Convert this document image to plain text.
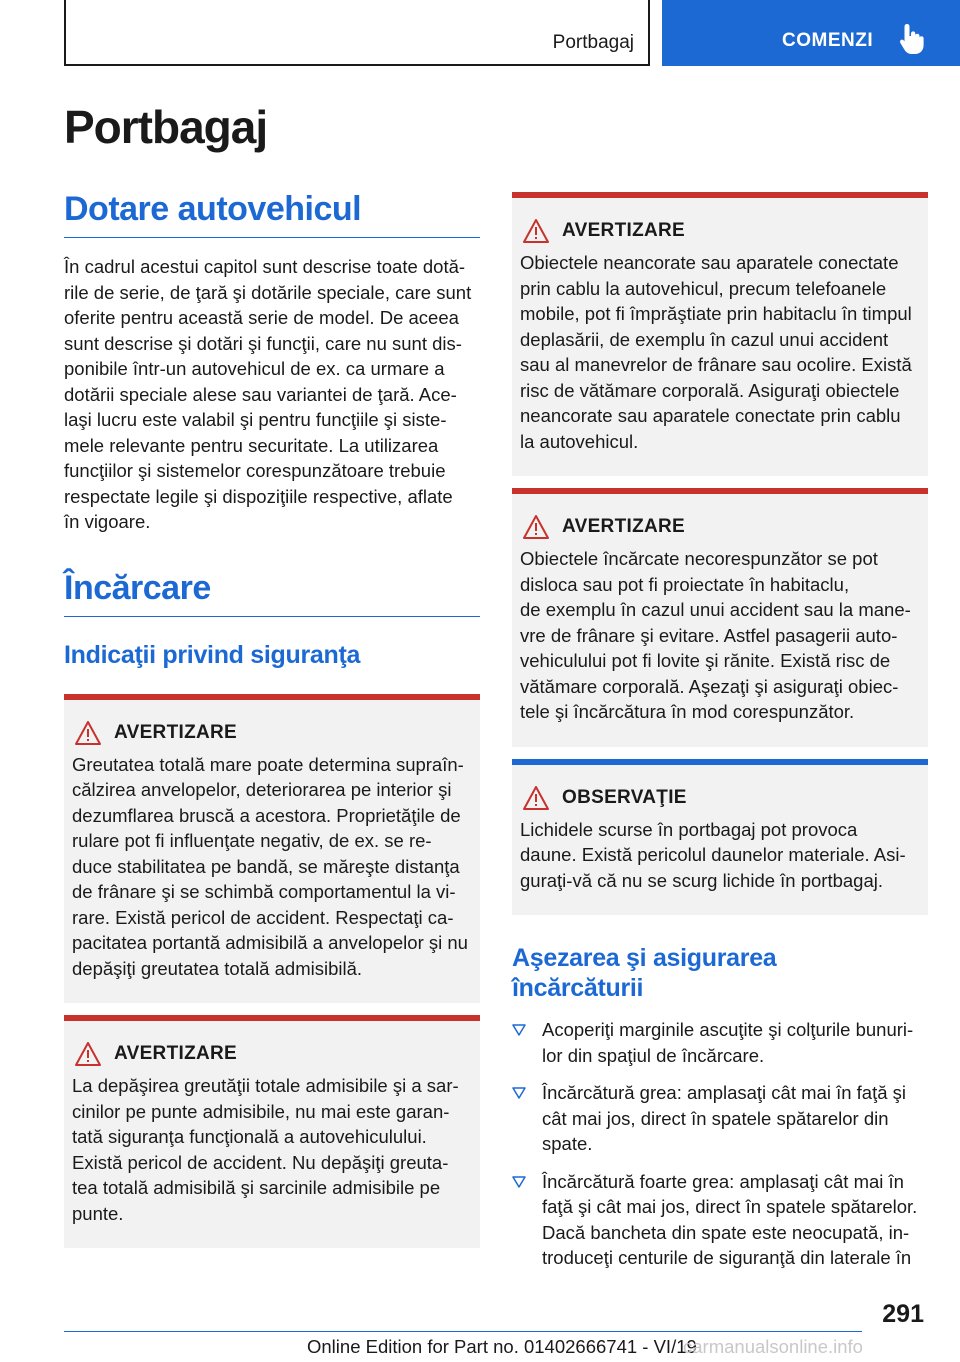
Portbagaj	COMENZI
Portbagaj
Dotare autovehicul
În cadrul acestui capitol sunt descrise toate dotă-
rile de serie, de ţară şi dotările speciale, care sunt
oferite pentru această serie de model. De aceea
sunt descrise şi dotări şi funcţii, care nu sunt dis-
ponibile într-un autovehicul de ex. ca urmare a
dotării speciale alese sau variantei de ţară. Ace-
laşi lucru este valabil şi pentru funcţiile şi siste-
mele relevante pentru securitate. La utilizarea
funcţiilor şi sistemelor corespunzătoare trebuie
respectate legile şi dispoziţiile respective, aflate
în vigoare.
Încărcare
Indicaţii privind siguranţa
AVERTIZARE
Greutatea totală mare poate determina supraîn-
călzirea anvelopelor, deteriorarea pe interior şi
dezumflarea bruscă a acestora. Proprietăţile de
rulare pot fi influenţate negativ, de ex. se re-
duce stabilitatea pe bandă, se măreşte distanţa
de frânare şi se schimbă comportamentul la vi-
rare. Există pericol de accident. Respectaţi ca-
pacitatea portantă admisibilă a anvelopelor şi nu
depăşiţi greutatea totală admisibilă.
AVERTIZARE
La depăşirea greutăţii totale admisibile şi a sar-
cinilor pe punte admisibile, nu mai este garan-
tată siguranţa funcţională a autovehiculului.
Există pericol de accident. Nu depăşiţi greuta-
tea totală admisibilă şi sarcinile admisibile pe
punte.
AVERTIZARE
Obiectele neancorate sau aparatele conectate
prin cablu la autovehicul, precum telefoanele
mobile, pot fi împrăştiate prin habitaclu în timpul
deplasării, de exemplu în cazul unui accident
sau al manevrelor de frânare sau ocolire. Există
risc de vătămare corporală. Asiguraţi obiectele
neancorate sau aparatele conectate prin cablu
la autovehicul.
AVERTIZARE
Obiectele încărcate necorespunzător se pot
disloca sau pot fi proiectate în habitaclu,
de exemplu în cazul unui accident sau la mane-
vre de frânare şi evitare. Astfel pasagerii auto-
vehiculului pot fi lovite şi rănite. Există risc de
vătămare corporală. Aşezaţi şi asiguraţi obiec-
tele şi încărcătura în mod corespunzător.
OBSERVAŢIE
Lichidele scurse în portbagaj pot provoca
daune. Există pericolul daunelor materiale. Asi-
guraţi-vă că nu se scurg lichide în portbagaj.
Aşezarea şi asigurarea
încărcăturii
Acoperiţi marginile ascuţite şi colţurile bunuri-
lor din spaţiul de încărcare.
Încărcătură grea: amplasaţi cât mai în faţă şi
cât mai jos, direct în spatele spătarelor din
spate.
Încărcătură foarte grea: amplasaţi cât mai în
faţă şi cât mai jos, direct în spatele spătarelor.
Dacă bancheta din spate este neocupată, in-
troduceţi centurile de siguranţă din laterale în
291
Online Edition for Part no. 01402666741 - VI/19
carmanualsonline.info
